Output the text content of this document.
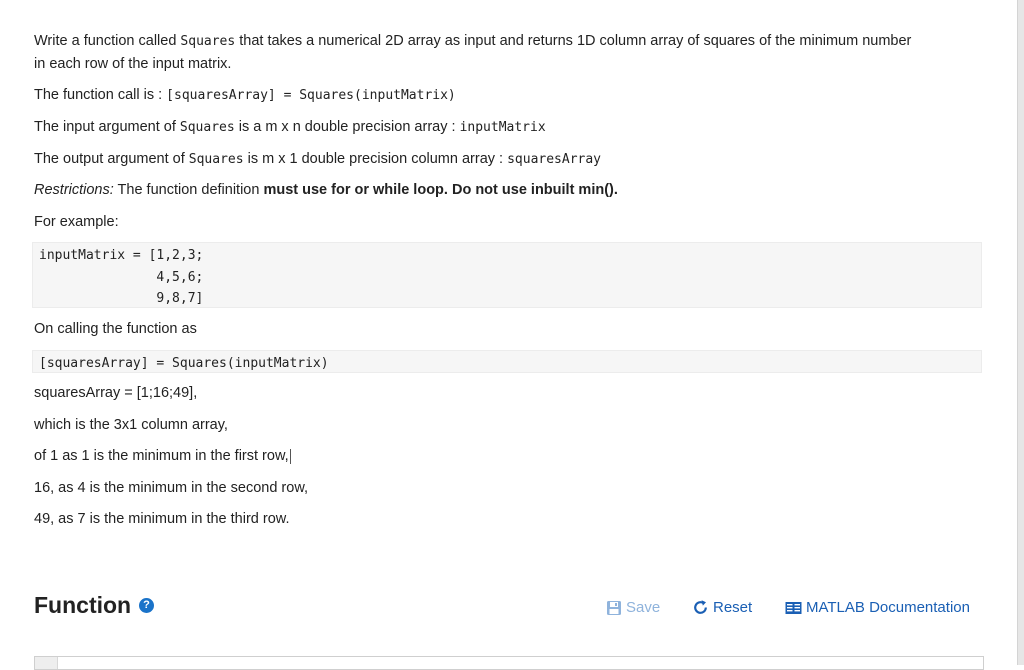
Write a function called Squares that takes a numerical 2D array as input and returns 1D column array of squares of the minimum number
in each row of the input matrix.
The function call is : [squaresArray] = Squares(inputMatrix)
The input argument of Squares is a m x n double precision array : inputMatrix
The output argument of Squares is m x 1 double precision column array : squaresArray
Restrictions: The function definition must use for or while loop. Do not use inbuilt min().
For example:
inputMatrix = [1,2,3;
4,5,6;
9,8,7]
On calling the function as
[squaresArray] = Squares(inputMatrix)
squaresArray = [1;16;49],
which is the 3x1 column array,
of 1 as 1 is the minimum in the first row,
16, as 4 is the minimum in the second row,
49, as 7 is the minimum in the third row.
Function	?	Save	Reset	MATLAB Documentation
